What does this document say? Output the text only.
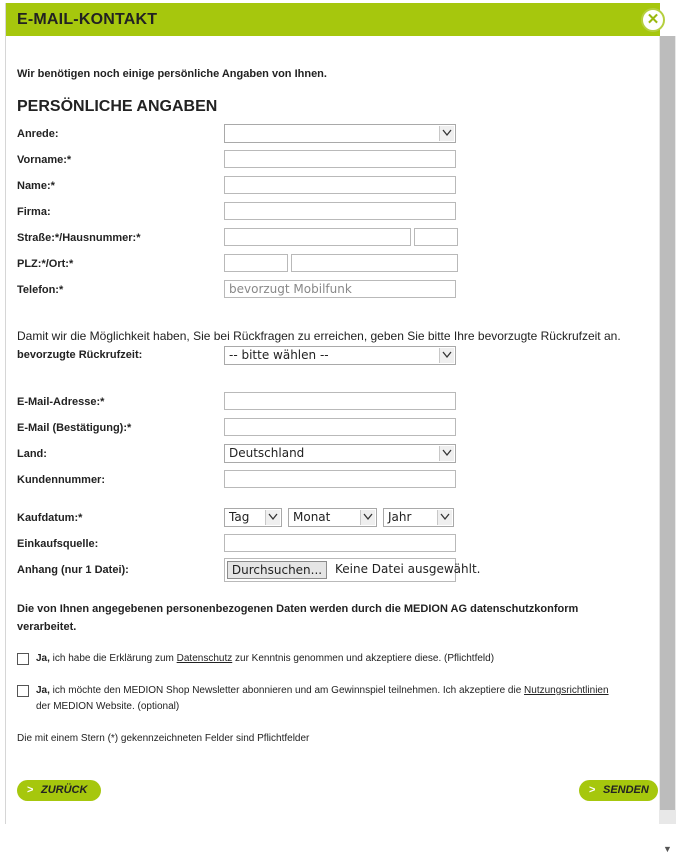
E-MAIL-KONTAKT	✕
▼
Wir benötigen noch einige persönliche Angaben von Ihnen.
PERSÖNLICHE ANGABEN
Anrede:
Vorname:*
Name:*
Firma:
Straße:*/Hausnummer:*
PLZ:*/Ort:*
Telefon:*	bevorzugt Mobilfunk
Damit wir die Möglichkeit haben, Sie bei Rückfragen zu erreichen, geben Sie bitte Ihre bevorzugte Rückrufzeit an.
bevorzugte Rückrufzeit:	-- bitte wählen --
E-Mail-Adresse:*
E-Mail (Bestätigung):*
Land:	Deutschland
Kundennummer:
Kaufdatum:*	Tag	Monat	Jahr
Einkaufsquelle:
Anhang (nur 1 Datei):	Durchsuchen...	Keine Datei ausgewählt.
Die von Ihnen angegebenen personenbezogenen Daten werden durch die MEDION AG datenschutzkonform
verarbeitet.
Ja, ich habe die Erklärung zum Datenschutz zur Kenntnis genommen und akzeptiere diese. (Pflichtfeld)
Ja, ich möchte den MEDION Shop Newsletter abonnieren und am Gewinnspiel teilnehmen. Ich akzeptiere die Nutzungsrichtlinien
der MEDION Website. (optional)
Die mit einem Stern (*) gekennzeichneten Felder sind Pflichtfelder
> ZURÜCK	> SENDEN
